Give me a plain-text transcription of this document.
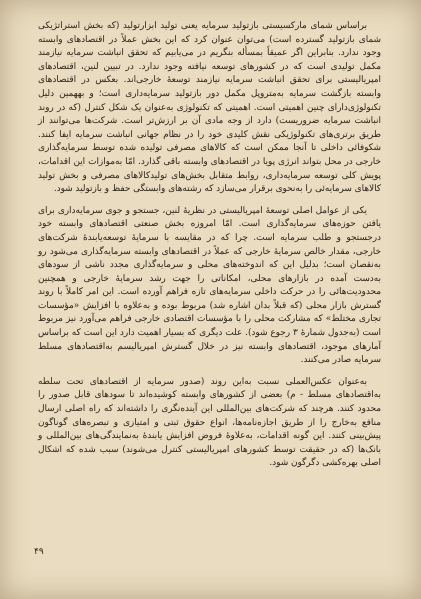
براساس شمای مارکسیستی بازتولید سرمایه یعنی تولید ابزارتولید (که بخش استراتژیکی شمای بازتولید گسترده است) می‌توان عنوان کرد که این بخش عملاً در اقتصادهای وابسته وجود ندارد. بنابراین اگر عمیقاً بمسأله بنگریم در می‌یابیم که تحقق انباشت سرمایه نیازمند مکمل تولیدی است که در کشورهای توسعه نیافته وجود ندارد. در تبیین لنین، اقتصادهای امپریالیستی برای تحقق انباشت سرمایه نیازمند توسعهٔ خارجی‌اند. بعکس در اقتصادهای وابسته بازگشت سرمایه به‌متروپل مکمل دور بازتولید سرمایه‌داری است؛ و بههمین دلیل تکنولوژی‌دارای چنین اهمیتی است. اهمیتی که تکنولوژی به‌عنوان یک شکل کنترل (که در روند انباشت سرمایه ضروریست) دارد از وجه مادی آن بر ارزش‌تر است. شرکت‌ها می‌توانند از طریق برتری‌های تکنولوژیکی نقش کلیدی خود را در نظام جهانی انباشت سرمایه ایفا کنند. شکوفائی داخلی تا آنجا ممکن است که کالاهای مصرفی تولیده شده توسط سرمایه‌گذاری خارجی در محل بتواند انرژی پویا در اقتصادهای وابسته باقی گذارد. امّا به‌موازات این اقدامات، پویش کلی توسعه سرمایه‌داری، روابط متقابل بخش‌های تولیدکالاهای مصرفی و بخش تولید کالاهای سرمایه‌ئی را به‌نحوی برقرار می‌سازد که رشته‌های وابستگی حفظ و بازتولید شود.

یکی از عوامل اصلی توسعهٔ امپریالیستی در نظریهٔ لنین، جستجو و جوی سرمایه‌داری برای یافتن حوزه‌های سرمایه‌گذاری است. امّا امروزه بخش صنعتی اقتصادهای وابسته خود درجستجو و طلب سرمایه است. چرا که در مقایسه با سرمایهٔ توسعه‌یابندهٔ شرکت‌های خارجی، مقدار خالص سرمایهٔ خارجی که عملاً در اقتصادهای وابسته سرمایه‌گذاری می‌شود رو به‌نقصان است؛ بدلیل این که اندوخته‌های محلی و سرمایه‌گذاری مجدد ناشی از سودهای به‌دست آمده در بازارهای محلی، امکاناتی را جهت رشد سرمایهٔ خارجی و همچنین محدودیت‌هائی را در حرکت داخلی سرمایه‌های تازه فراهم آورده است. این امر کاملاً با روند گسترش بازار محلی (که قبلاً بدان اشاره شد) مربوط بوده و به‌علاوه با افزایش «مؤسسات تجاری مختلط» که مشارکت محلی را با مؤسسات اقتصادی خارجی فراهم می‌آورد نیز مربوط است (به‌جدول شمارهٔ ۳ رجوع شود). علت دیگری که بسیار اهمیت دارد این است که براساس آمارهای موجود، اقتصادهای وابسته نیز در خلال گسترش امپریالیسم به‌اقتصادهای مسلط سرمایه صادر می‌کنند.

به‌عنوان عکس‌العملی نسبت به‌این روند (صدور سرمایه از اقتصادهای تحت سلطه به‌اقتصادهای مسلط - م) بعضی از کشورهای وابسته کوشیده‌اند تا سودهای قابل صدور را محدود کنند. هرچند که شرکت‌های بین‌المللی این آینده‌نگری را داشته‌اند که راه اصلی ارسال منافع به‌خارج را از طریق اجازه‌نامه‌ها، انواع حقوق ثبتی و امتیازی و تبصره‌های گوناگون پیش‌بینی کنند. این گونه اقدامات، به‌علاوهٔ فروض افزایش یابندهٔ به‌نمایندگی‌های بین‌المللی و بانک‌ها (که در حقیقت توسط کشورهای امپریالیستی کنترل می‌شوند) سبب شده که اشکال اصلی بهره‌کشی دگرگون شود.

۴۹
